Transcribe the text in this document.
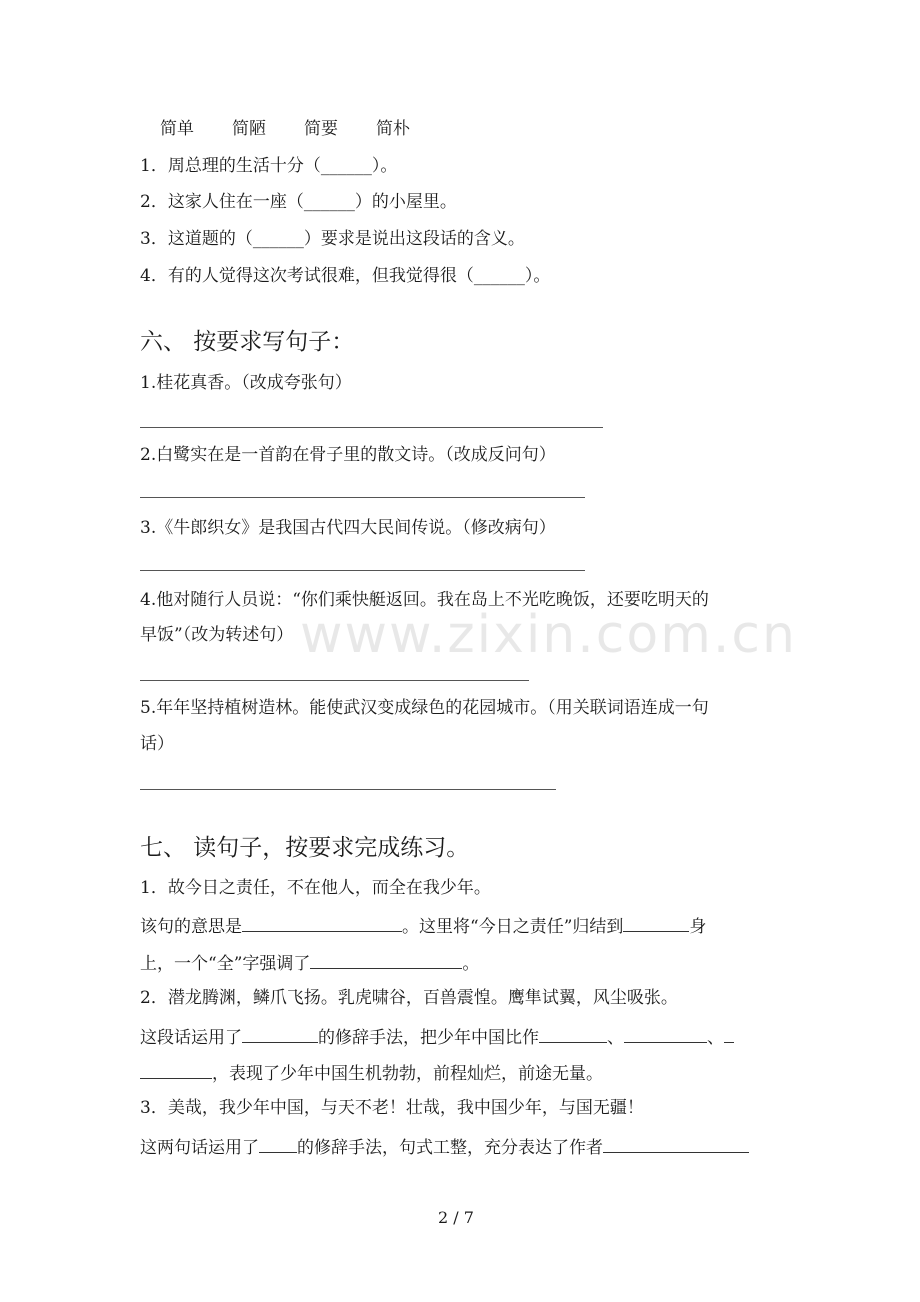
简单 简陋 简要 简朴
1．周总理的生活十分（______）。
2．这家人住在一座（______）的小屋里。
3．这道题的（______）要求是说出这段话的含义。
4．有的人觉得这次考试很难，但我觉得很（______）。
六、 按要求写句子：
1.桂花真香。（改成夸张句）
2.白鹭实在是一首韵在骨子里的散文诗。（改成反问句）
3.《牛郎织女》是我国古代四大民间传说。（修改病句）
4.他对随行人员说：“你们乘快艇返回。我在岛上不光吃晚饭，还要吃明天的
早饭”（改为转述句）
5.年年坚持植树造林。能使武汉变成绿色的花园城市。（用关联词语连成一句
话）
七、 读句子，按要求完成练习。
1．故今日之责任，不在他人，而全在我少年。
该句的意思是	。这里将“今日之责任”归结到	身
上，一个“全”字强调了	。
2．潜龙腾渊，鳞爪飞扬。乳虎啸谷，百兽震惶。鹰隼试翼，风尘吸张。
这段话运用了	的修辞手法，把少年中国比作	、	、
，表现了少年中国生机勃勃，前程灿烂，前途无量。
3．美哉，我少年中国，与天不老！壮哉，我中国少年，与国无疆！
这两句话运用了 的修辞手法，句式工整，充分表达了作者
www.zixin.com.cn
2 / 7
